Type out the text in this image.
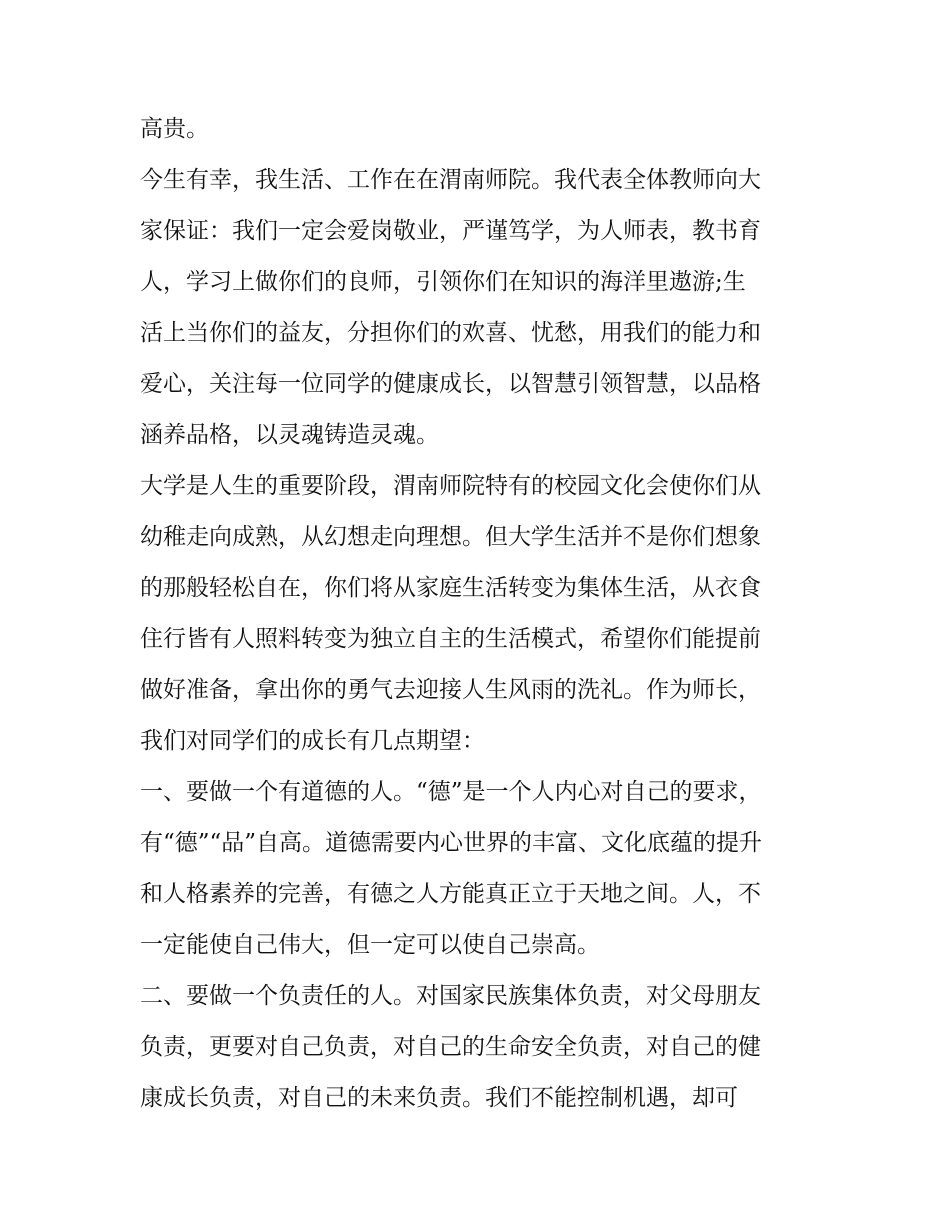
高贵。
今生有幸，我生活、工作在在渭南师院。我代表全体教师向大
家保证：我们一定会爱岗敬业，严谨笃学，为人师表，教书育
人，学习上做你们的良师，引领你们在知识的海洋里遨游;生
活上当你们的益友，分担你们的欢喜、忧愁，用我们的能力和
爱心，关注每一位同学的健康成长，以智慧引领智慧，以品格
涵养品格，以灵魂铸造灵魂。
大学是人生的重要阶段，渭南师院特有的校园文化会使你们从
幼稚走向成熟，从幻想走向理想。但大学生活并不是你们想象
的那般轻松自在，你们将从家庭生活转变为集体生活，从衣食
住行皆有人照料转变为独立自主的生活模式，希望你们能提前
做好准备，拿出你的勇气去迎接人生风雨的洗礼。作为师长，
我们对同学们的成长有几点期望：
一、要做一个有道德的人。“德”是一个人内心对自己的要求，
有“德”“品”自高。道德需要内心世界的丰富、文化底蕴的提升
和人格素养的完善，有德之人方能真正立于天地之间。人，不
一定能使自己伟大，但一定可以使自己崇高。
二、要做一个负责任的人。对国家民族集体负责，对父母朋友
负责，更要对自己负责，对自己的生命安全负责，对自己的健
康成长负责，对自己的未来负责。我们不能控制机遇，却可
